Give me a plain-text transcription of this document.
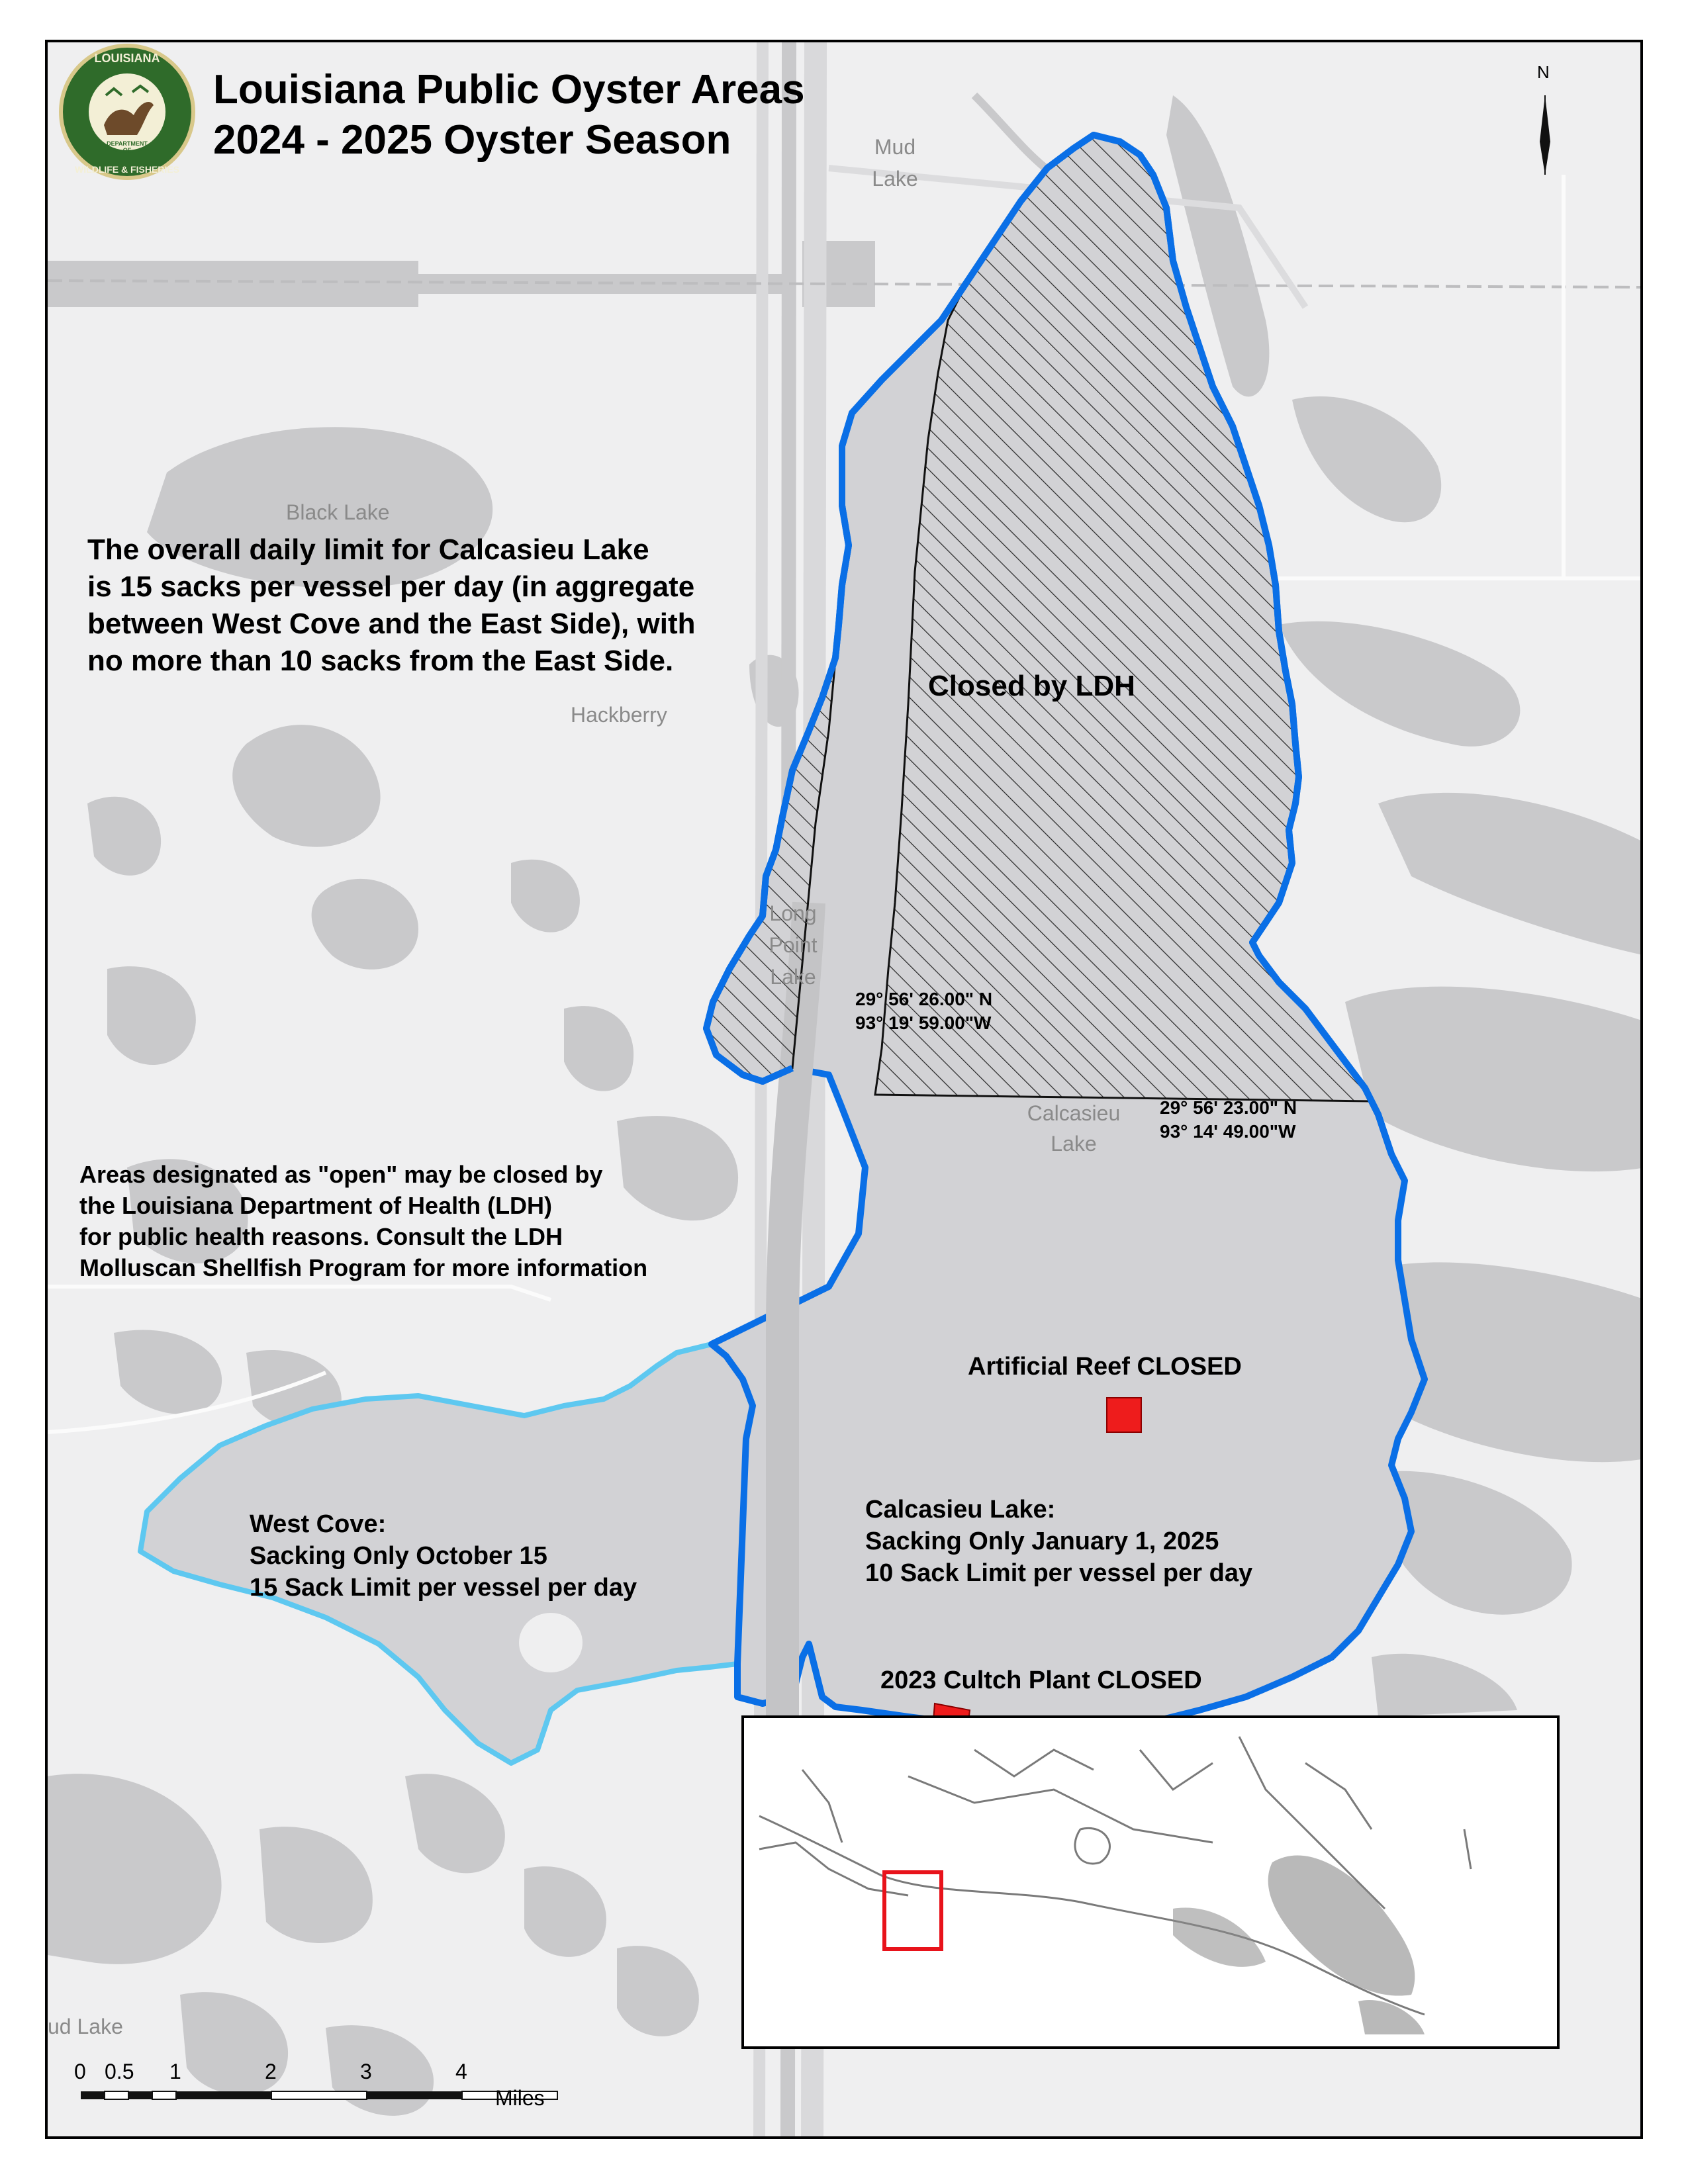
LOUISIANA

DEPARTMENT

OF

WILDLIFE & FISHERIES

Louisiana Public Oyster Areas

2024 - 2025 Oyster Season

N

Mud

Lake

Black Lake

Hackberry

Long

Point

Lake

Calcasieu

Lake

ud Lake

The overall daily limit for Calcasieu Lake

is 15 sacks per vessel per day (in aggregate

between West Cove and the East Side), with

no more than 10 sacks from the East Side.

Areas designated as "open" may be closed by

the Louisiana Department of Health (LDH)

for public health reasons. Consult the LDH

Molluscan Shellfish Program for more information

Closed by LDH

Artificial Reef CLOSED

2023 Cultch Plant CLOSED

West Cove:

Sacking Only October 15

15 Sack Limit per vessel per day

Calcasieu Lake:

Sacking Only January 1, 2025

10 Sack Limit per vessel per day

29° 56' 26.00" N

93° 19' 59.00"W

29° 56' 23.00" N

93° 14' 49.00"W

0 0.5 1	2	3	4

Miles
